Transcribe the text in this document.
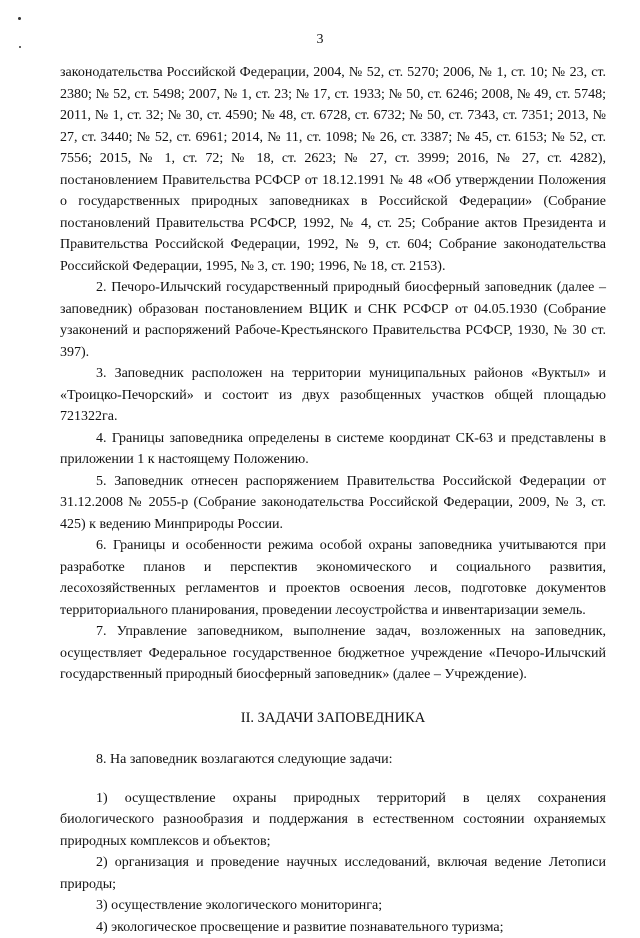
3

законодательства Российской Федерации, 2004, № 52, ст. 5270; 2006, № 1, ст. 10; № 23, ст. 2380; № 52, ст. 5498; 2007, № 1, ст. 23; № 17, ст. 1933; № 50, ст. 6246; 2008, № 49, ст. 5748; 2011, № 1, ст. 32; № 30, ст. 4590; № 48, ст. 6728, ст. 6732; № 50, ст. 7343, ст. 7351; 2013, № 27, ст. 3440; № 52, ст. 6961; 2014, № 11, ст. 1098; № 26, ст. 3387; № 45, ст. 6153; № 52, ст. 7556; 2015, № 1, ст. 72; № 18, ст. 2623; № 27, ст. 3999; 2016, № 27, ст. 4282), постановлением Правительства РСФСР от 18.12.1991 № 48 «Об утверждении Положения о государственных природных заповедниках в Российской Федерации» (Собрание постановлений Правительства РСФСР, 1992, № 4, ст. 25; Собрание актов Президента и Правительства Российской Федерации, 1992, № 9, ст. 604; Собрание законодательства Российской Федерации, 1995, № 3, ст. 190; 1996, № 18, ст. 2153).

2. Печоро-Илычский государственный природный биосферный заповедник (далее – заповедник) образован постановлением ВЦИК и СНК РСФСР от 04.05.1930 (Собрание узаконений и распоряжений Рабоче-Крестьянского Правительства РСФСР, 1930, № 30 ст. 397).

3. Заповедник расположен на территории муниципальных районов «Вуктыл» и «Троицко-Печорский» и состоит из двух разобщенных участков общей площадью 721322га.

4. Границы заповедника определены в системе координат СК-63 и представлены в приложении 1 к настоящему Положению.

5. Заповедник отнесен распоряжением Правительства Российской Федерации от 31.12.2008 № 2055-р (Собрание законодательства Российской Федерации, 2009, № 3, ст. 425) к ведению Минприроды России.

6. Границы и особенности режима особой охраны заповедника учитываются при разработке планов и перспектив экономического и социального развития, лесохозяйственных регламентов и проектов освоения лесов, подготовке документов территориального планирования, проведении лесоустройства и инвентаризации земель.

7. Управление заповедником, выполнение задач, возложенных на заповедник, осуществляет Федеральное государственное бюджетное учреждение «Печоро-Илычский государственный природный биосферный заповедник» (далее – Учреждение).

II. ЗАДАЧИ ЗАПОВЕДНИКА

8. На заповедник возлагаются следующие задачи:

1) осуществление охраны природных территорий в целях сохранения биологического разнообразия и поддержания в естественном состоянии охраняемых природных комплексов и объектов;

2) организация и проведение научных исследований, включая ведение Летописи природы;

3) осуществление экологического мониторинга;

4) экологическое просвещение и развитие познавательного туризма;
